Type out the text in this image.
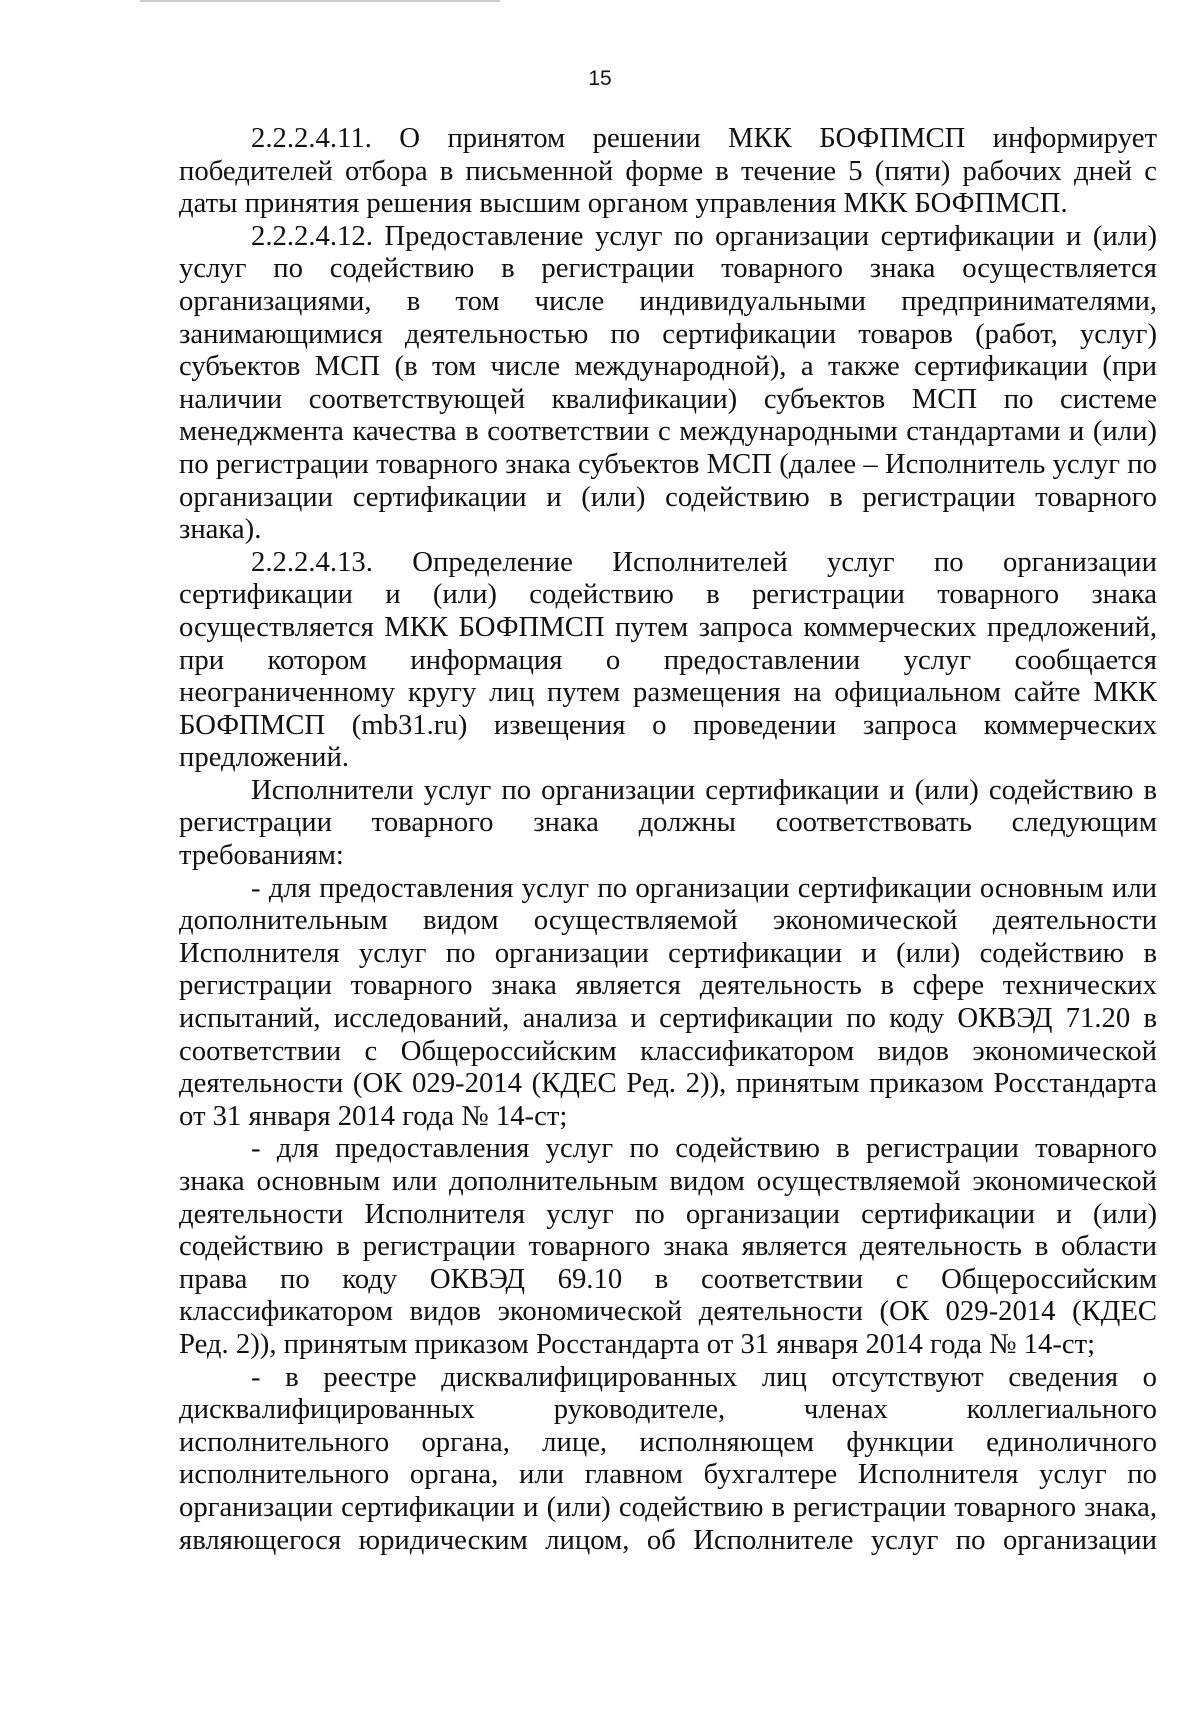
15

2.2.2.4.11. О принятом решении МКК БОФПМСП информирует победителей отбора в письменной форме в течение 5 (пяти) рабочих дней с даты принятия решения высшим органом управления МКК БОФПМСП.

2.2.2.4.12. Предоставление услуг по организации сертификации и (или) услуг по содействию в регистрации товарного знака осуществляется организациями, в том числе индивидуальными предпринимателями, занимающимися деятельностью по сертификации товаров (работ, услуг) субъектов МСП (в том числе международной), а также сертификации (при наличии соответствующей квалификации) субъектов МСП по системе менеджмента качества в соответствии с международными стандартами и (или) по регистрации товарного знака субъектов МСП (далее – Исполнитель услуг по организации сертификации и (или) содействию в регистрации товарного знака).

2.2.2.4.13. Определение Исполнителей услуг по организации сертификации и (или) содействию в регистрации товарного знака осуществляется МКК БОФПМСП путем запроса коммерческих предложений, при котором информация о предоставлении услуг сообщается неограниченному кругу лиц путем размещения на официальном сайте МКК БОФПМСП (mb31.ru) извещения о проведении запроса коммерческих предложений.

Исполнители услуг по организации сертификации и (или) содействию в регистрации товарного знака должны соответствовать следующим требованиям:

- для предоставления услуг по организации сертификации основным или дополнительным видом осуществляемой экономической деятельности Исполнителя услуг по организации сертификации и (или) содействию в регистрации товарного знака является деятельность в сфере технических испытаний, исследований, анализа и сертификации по коду ОКВЭД 71.20 в соответствии с Общероссийским классификатором видов экономической деятельности (ОК 029-2014 (КДЕС Ред. 2)), принятым приказом Росстандарта от 31 января 2014 года № 14-ст;

- для предоставления услуг по содействию в регистрации товарного знака основным или дополнительным видом осуществляемой экономической деятельности Исполнителя услуг по организации сертификации и (или) содействию в регистрации товарного знака является деятельность в области права по коду ОКВЭД 69.10 в соответствии с Общероссийским классификатором видов экономической деятельности (ОК 029-2014 (КДЕС Ред. 2)), принятым приказом Росстандарта от 31 января 2014 года № 14-ст;

- в реестре дисквалифицированных лиц отсутствуют сведения о дисквалифицированных руководителе, членах коллегиального исполнительного органа, лице, исполняющем функции единоличного исполнительного органа, или главном бухгалтере Исполнителя услуг по организации сертификации и (или) содействию в регистрации товарного знака, являющегося юридическим лицом, об Исполнителе услуг по организации
